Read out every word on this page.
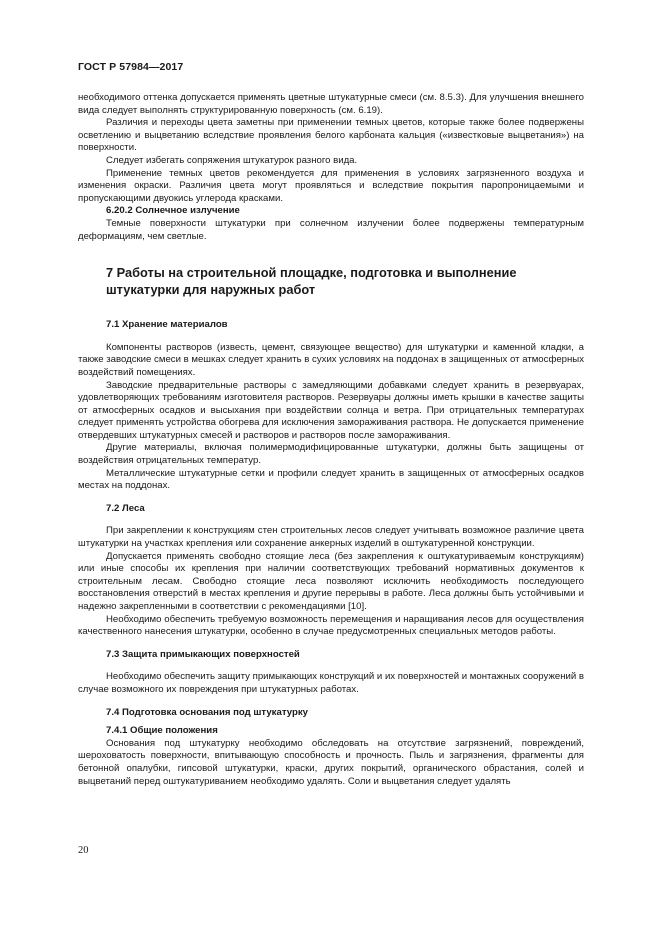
ГОСТ Р 57984—2017

необходимого оттенка допускается применять цветные штукатурные смеси (см. 8.5.3). Для улучшения внешнего вида следует выполнять структурированную поверхность (см. 6.19).

Различия и переходы цвета заметны при применении темных цветов, которые также более подвержены осветлению и выцветанию вследствие проявления белого карбоната кальция («известковые выцветания») на поверхности.

Следует избегать сопряжения штукатурок разного вида.

Применение темных цветов рекомендуется для применения в условиях загрязненного воздуха и изменения окраски. Различия цвета могут проявляться и вследствие покрытия паропроницаемыми и пропускающими двуокись углерода красками.

6.20.2 Солнечное излучение

Темные поверхности штукатурки при солнечном излучении более подвержены температурным деформациям, чем светлые.

7 Работы на строительной площадке, подготовка и выполнение штукатурки для наружных работ

7.1 Хранение материалов

Компоненты растворов (известь, цемент, связующее вещество) для штукатурки и каменной кладки, а также заводские смеси в мешках следует хранить в сухих условиях на поддонах в защищенных от атмосферных воздействий помещениях.

Заводские предварительные растворы с замедляющими добавками следует хранить в резервуарах, удовлетворяющих требованиям изготовителя растворов. Резервуары должны иметь крышки в качестве защиты от атмосферных осадков и высыхания при воздействии солнца и ветра. При отрицательных температурах следует применять устройства обогрева для исключения замораживания раствора. Не допускается применение отвердевших штукатурных смесей и растворов и растворов после замораживания.

Другие материалы, включая полимермодифицированные штукатурки, должны быть защищены от воздействия отрицательных температур.

Металлические штукатурные сетки и профили следует хранить в защищенных от атмосферных осадков местах на поддонах.

7.2 Леса

При закреплении к конструкциям стен строительных лесов следует учитывать возможное различие цвета штукатурки на участках крепления или сохранение анкерных изделий в оштукатуренной конструкции.

Допускается применять свободно стоящие леса (без закрепления к оштукатуриваемым конструкциям) или иные способы их крепления при наличии соответствующих требований нормативных документов к строительным лесам. Свободно стоящие леса позволяют исключить необходимость последующего восстановления отверстий в местах крепления и другие перерывы в работе. Леса должны быть устойчивыми и надежно закрепленными в соответствии с рекомендациями [10].

Необходимо обеспечить требуемую возможность перемещения и наращивания лесов для осуществления качественного нанесения штукатурки, особенно в случае предусмотренных специальных методов работы.

7.3 Защита примыкающих поверхностей

Необходимо обеспечить защиту примыкающих конструкций и их поверхностей и монтажных сооружений в случае возможного их повреждения при штукатурных работах.

7.4 Подготовка основания под штукатурку

7.4.1 Общие положения

Основания под штукатурку необходимо обследовать на отсутствие загрязнений, повреждений, шероховатость поверхности, впитывающую способность и прочность. Пыль и загрязнения, фрагменты для бетонной опалубки, гипсовой штукатурки, краски, других покрытий, органического обрастания, солей и выцветаний перед оштукатуриванием необходимо удалять. Соли и выцветания следует удалять

20
